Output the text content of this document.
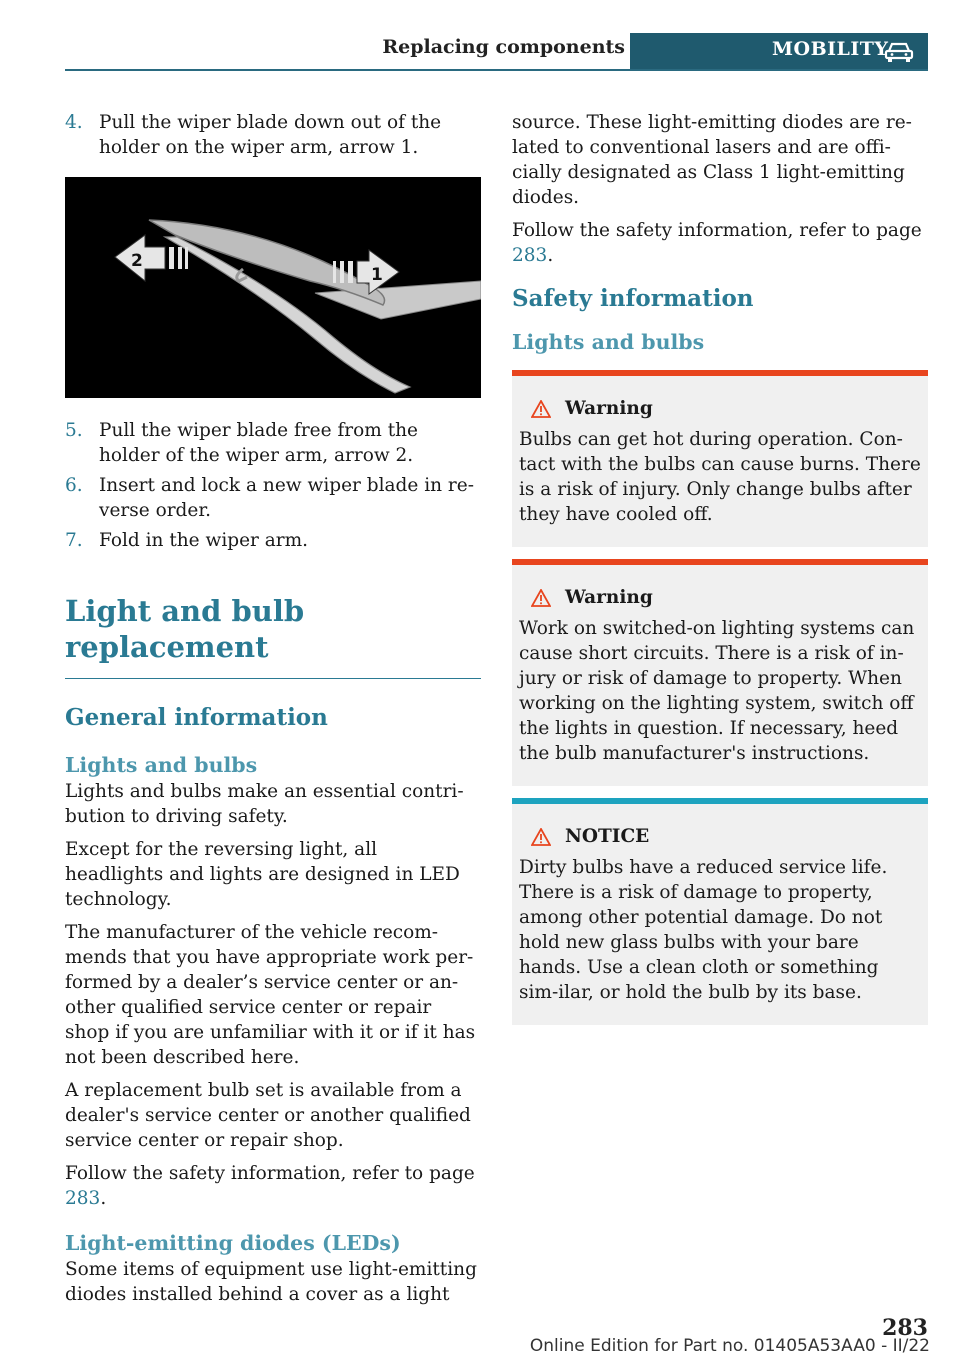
Replacing components	MOBILITY
4. Pull the wiper blade down out of the holder on the wiper arm, arrow 1.
2
1
5. Pull the wiper blade free from the holder of the wiper arm, arrow 2.
6. Insert and lock a new wiper blade in re‐verse order.
7. Fold in the wiper arm.
Light and bulb replacement
General information
Lights and bulbs

Lights and bulbs make an essential contri‐bution to driving safety.

Except for the reversing light, all headlights and lights are designed in LED technology.

The manufacturer of the vehicle recom‐mends that you have appropriate work per‐formed by a dealer’s service center or an‐other qualified service center or repair shop if you are unfamiliar with it or if it has not been described here.

A replacement bulb set is available from a dealer's service center or another qualified service center or repair shop.

Follow the safety information, refer to page 283.

Light-emitting diodes (LEDs)

Some items of equipment use light-emitting diodes installed behind a cover as a light

source. These light-emitting diodes are re‐lated to conventional lasers and are offi‐cially designated as Class 1 light-emitting diodes.

Follow the safety information, refer to page 283.

Safety information
Lights and bulbs
Warning
Bulbs can get hot during operation. Con‐tact with the bulbs can cause burns. There is a risk of injury. Only change bulbs after they have cooled off.
Warning
Work on switched-on lighting systems can cause short circuits. There is a risk of in‐jury or risk of damage to property. When working on the lighting system, switch off the lights in question. If necessary, heed the bulb manufacturer's instructions.
NOTICE
Dirty bulbs have a reduced service life. There is a risk of damage to property, among other potential damage. Do not hold new glass bulbs with your bare hands. Use a clean cloth or something sim‐ilar, or hold the bulb by its base.
283
Online Edition for Part no. 01405A53AA0 - II/22
